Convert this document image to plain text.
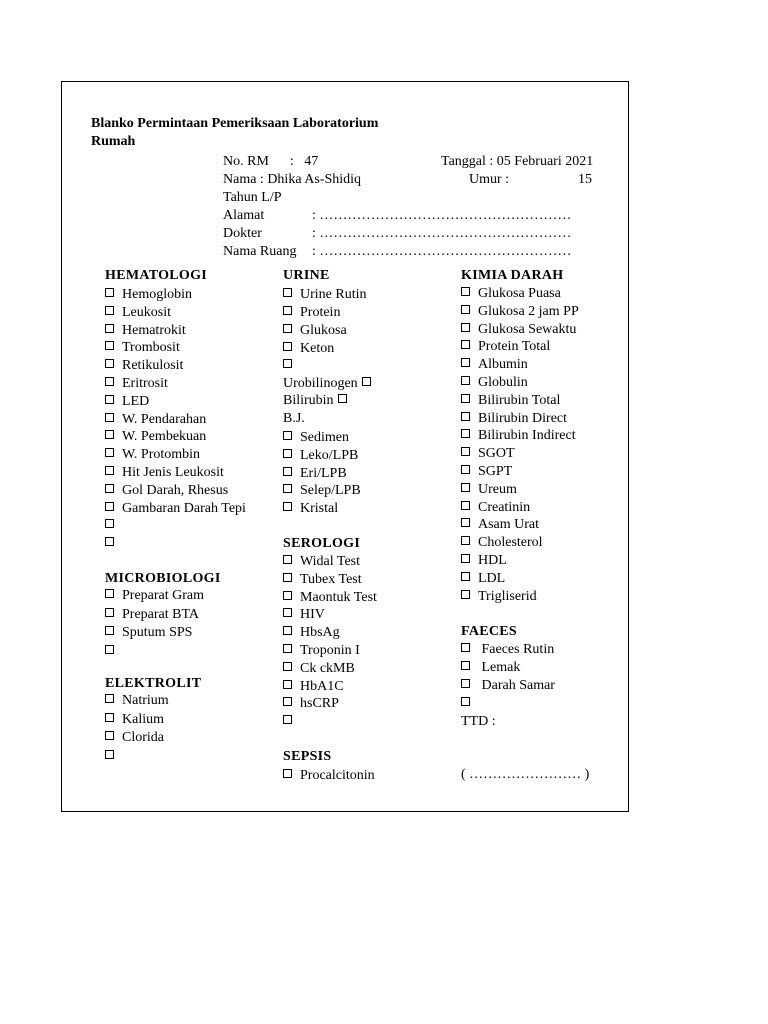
Blanko Permintaan Pemeriksaan Laboratorium
Rumah
No. RM      :   47	Tanggal : 05 Februari 2021
Nama : Dhika As-Shidiq	Umur :	15
Tahun L/P
Alamat	: ………………………………………………
Dokter	: ………………………………………………
Nama Ruang : ………………………………………………
HEMATOLOGI
Hemoglobin
Leukosit
Hematrokit
Trombosit
Retikulosit
Eritrosit
LED
W. Pendarahan
W. Pembekuan
W. Protombin
Hit Jenis Leukosit
Gol Darah, Rhesus
Gambaran Darah Tepi
MICROBIOLOGI
Preparat Gram
Preparat BTA
Sputum SPS
ELEKTROLIT
Natrium
Kalium
Clorida
URINE
Urine Rutin
Protein
Glukosa
Keton
Urobilinogen
Bilirubin
B.J.
Sedimen
Leko/LPB
Eri/LPB
Selep/LPB
Kristal
SEROLOGI
Widal Test
Tubex Test
Maontuk Test
HIV
HbsAg
Troponin I
Ck ckMB
HbA1C
hsCRP
SEPSIS
Procalcitonin
KIMIA DARAH
Glukosa Puasa
Glukosa 2 jam PP
Glukosa Sewaktu
Protein Total
Albumin
Globulin
Bilirubin Total
Bilirubin Direct
Bilirubin Indirect
SGOT
SGPT
Ureum
Creatinin
Asam Urat
Cholesterol
HDL
LDL
Trigliserid
FAECES
Faeces Rutin
Lemak
Darah Samar
TTD :
( …………………… )
